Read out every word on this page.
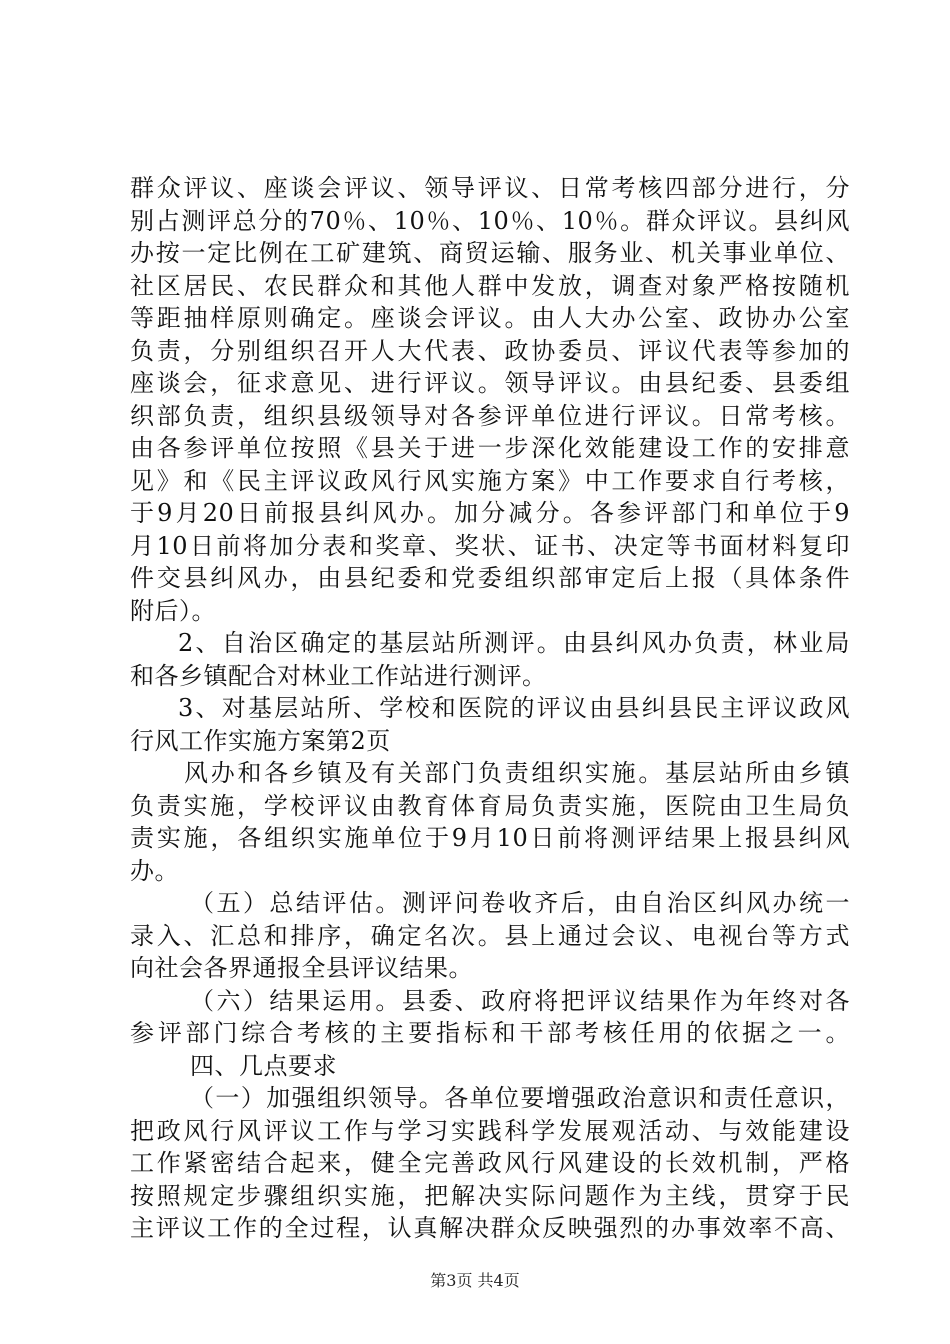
群众评议、座谈会评议、领导评议、日常考核四部分进行，分
别占测评总分的70％、10％、10％、10％。群众评议。县纠风
办按一定比例在工矿建筑、商贸运输、服务业、机关事业单位、
社区居民、农民群众和其他人群中发放，调查对象严格按随机
等距抽样原则确定。座谈会评议。由人大办公室、政协办公室
负责，分别组织召开人大代表、政协委员、评议代表等参加的
座谈会，征求意见、进行评议。领导评议。由县纪委、县委组
织部负责，组织县级领导对各参评单位进行评议。日常考核。
由各参评单位按照《县关于进一步深化效能建设工作的安排意
见》和《民主评议政风行风实施方案》中工作要求自行考核，
于9月20日前报县纠风办。加分减分。各参评部门和单位于9
月10日前将加分表和奖章、奖状、证书、决定等书面材料复印
件交县纠风办，由县纪委和党委组织部审定后上报（具体条件
附后）。
2、自治区确定的基层站所测评。由县纠风办负责，林业局
和各乡镇配合对林业工作站进行测评。
3、对基层站所、学校和医院的评议由县纠县民主评议政风
行风工作实施方案第2页
风办和各乡镇及有关部门负责组织实施。基层站所由乡镇
负责实施，学校评议由教育体育局负责实施，医院由卫生局负
责实施，各组织实施单位于9月10日前将测评结果上报县纠风
办。
（五）总结评估。测评问卷收齐后，由自治区纠风办统一
录入、汇总和排序，确定名次。县上通过会议、电视台等方式
向社会各界通报全县评议结果。
（六）结果运用。县委、政府将把评议结果作为年终对各
参评部门综合考核的主要指标和干部考核任用的依据之一。
四、几点要求
（一）加强组织领导。各单位要增强政治意识和责任意识，
把政风行风评议工作与学习实践科学发展观活动、与效能建设
工作紧密结合起来，健全完善政风行风建设的长效机制，严格
按照规定步骤组织实施，把解决实际问题作为主线，贯穿于民
主评议工作的全过程，认真解决群众反映强烈的办事效率不高、
第3页 共4页
